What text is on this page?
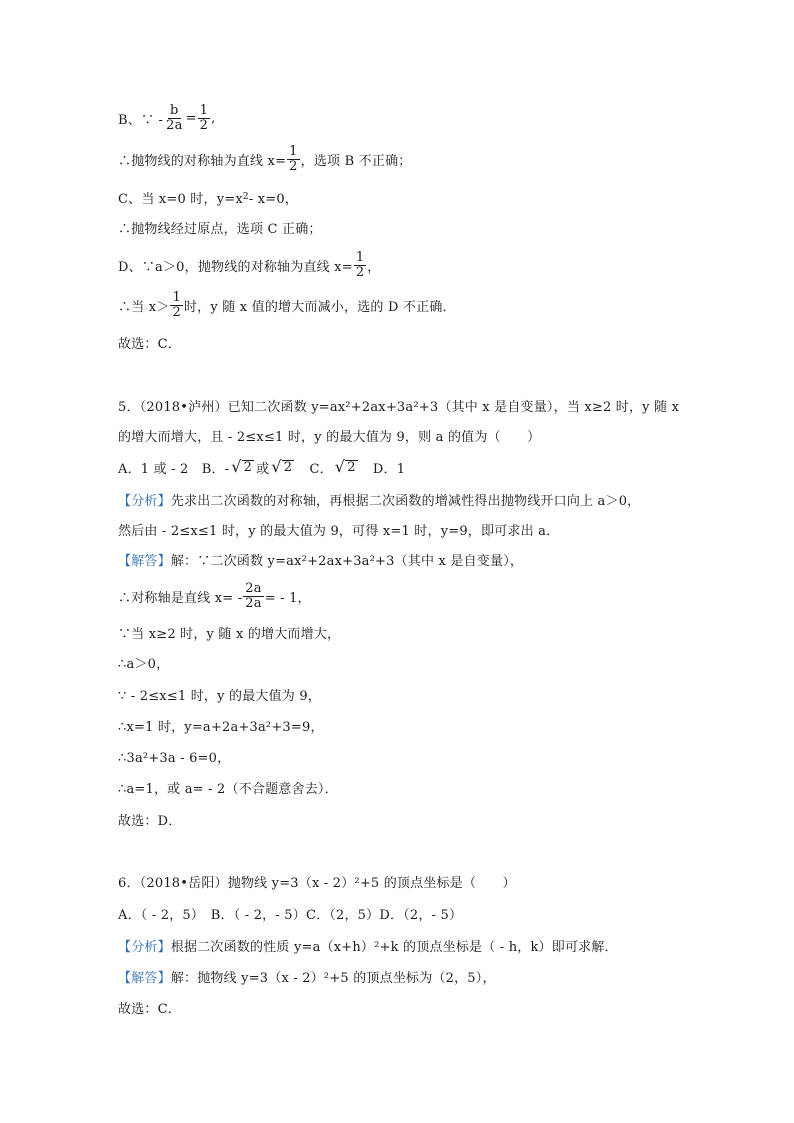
B、∵ - $\frac{b}{2a} = \frac{1}{2}$ ,
∴抛物线的对称轴为直线 $x= \frac{1}{2}$ ，选项 B 不正确；
C、当 x=0 时，y=x 2 - x=0，
∴抛物线经过原点，选项 C 正确；
D、∵a＞0，抛物线的对称轴为直线 $x= \frac{1}{2}$ ，
∴当 $x> \frac{1}{2}$ 时，y 随 x 值的增大而减小，选的 D 不正确．
故选：C．
5．（2018•泸州）已知二次函数 y=ax²+2ax+3a²+3（其中 x 是自变量），当 x≥2 时，y 随 x
的增大而增大，且 - 2≤x≤1 时，y 的最大值为 9，则 a 的值为（　　）
A．1 或 - 2　B．- √ 2 或 √ 2 　C． √ 2 　D．1
【分析】 先求出二次函数的对称轴，再根据二次函数的增减性得出抛物线开口向上 a＞0，
然后由 - 2≤x≤1 时，y 的最大值为 9，可得 x=1 时，y=9，即可求出 a．
【解答】 解：∵二次函数 y=ax²+2ax+3a²+3（其中 x 是自变量），
∴对称轴是直线 $x= - \frac{2a}{2a}$ = - 1，
∵当 x≥2 时，y 随 x 的增大而增大，
∴a＞0，
∵ - 2≤x≤1 时，y 的最大值为 9，
∴x=1 时，y=a+2a+3a²+3=9，
∴3a²+3a - 6=0，
∴a=1，或 a= - 2（不合题意舍去）．
故选：D．
6．（2018•岳阳）抛物线 y=3（x - 2）²+5 的顶点坐标是（　　）
A．（ - 2，5）　B．（ - 2，- 5）C．（2，5）D．（2，- 5）
【分析】 根据二次函数的性质 y=a（x+h）²+k 的顶点坐标是（ - h，k）即可求解．
【解答】 解：抛物线 y=3（x - 2）²+5 的顶点坐标为（2，5），
故选：C．
